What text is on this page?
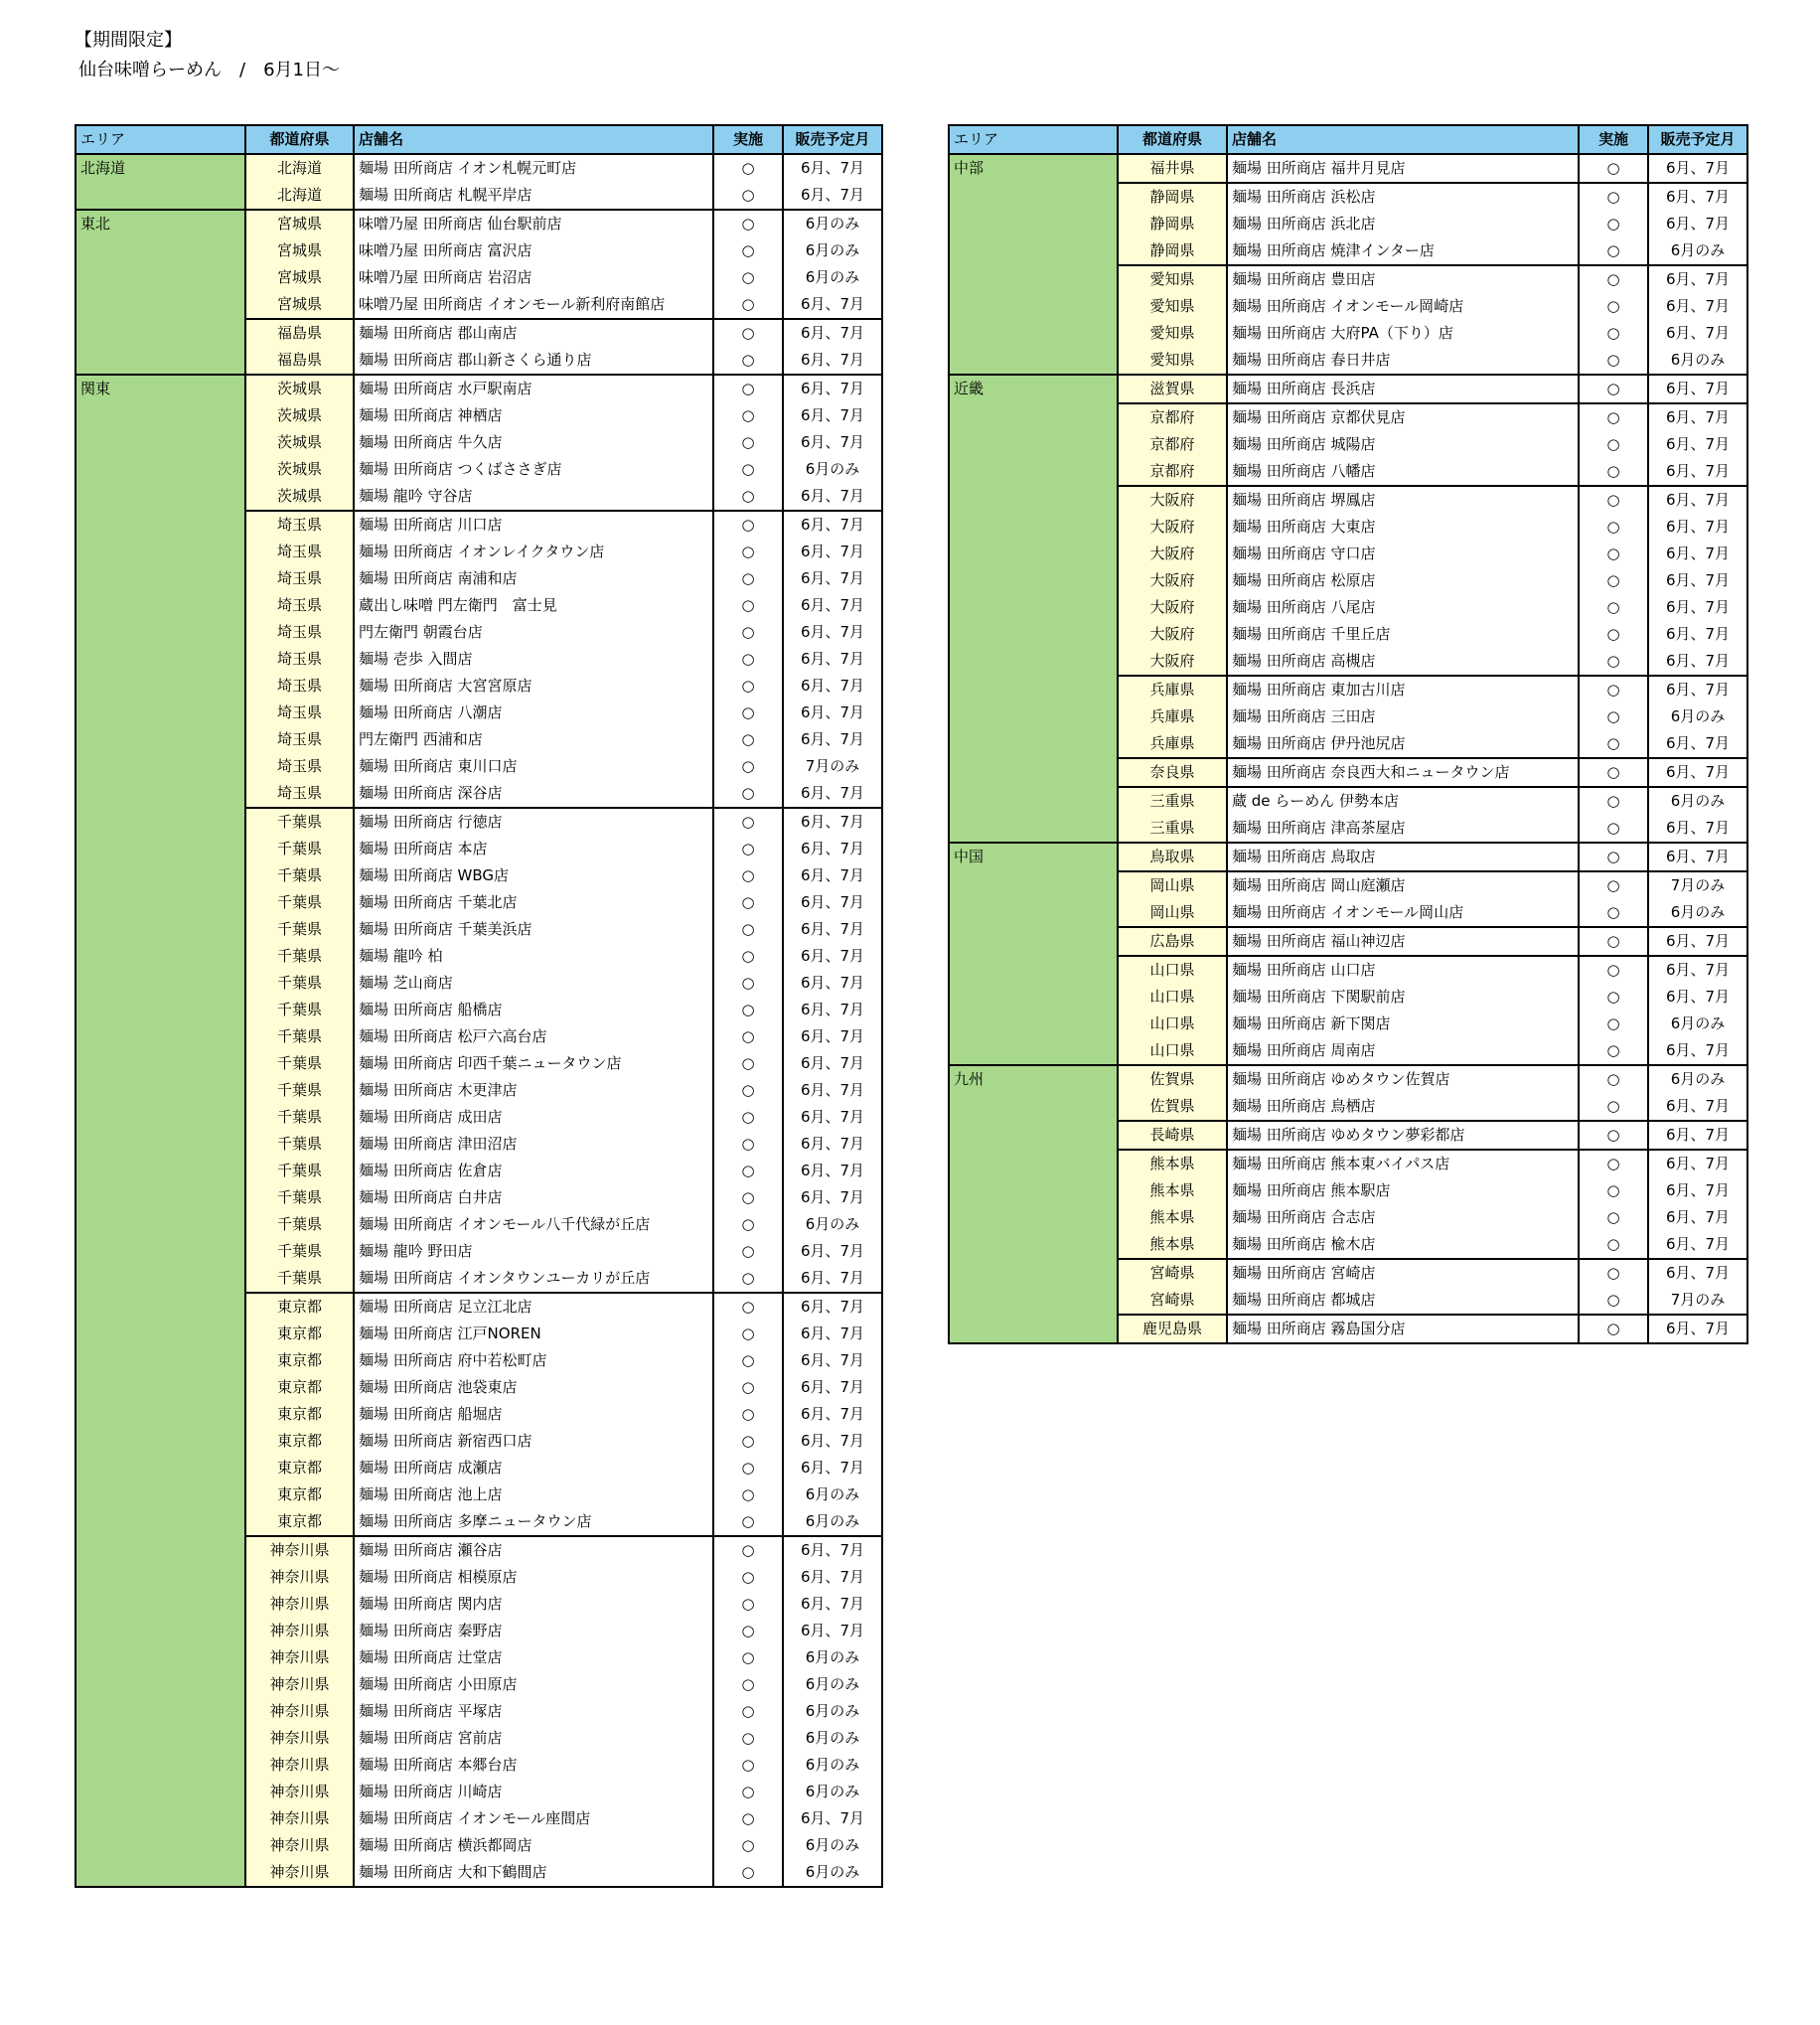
【期間限定】
仙台味噌らーめん　/　6月1日～
エリア	都道府県	店舗名	実施	販売予定月
北海道	北海道	麺場 田所商店 イオン札幌元町店	○	6月、7月
	北海道	麺場 田所商店 札幌平岸店	○	6月、7月
東北	宮城県	味噌乃屋 田所商店 仙台駅前店	○	6月のみ
	宮城県	味噌乃屋 田所商店 富沢店	○	6月のみ
	宮城県	味噌乃屋 田所商店 岩沼店	○	6月のみ
	宮城県	味噌乃屋 田所商店 イオンモール新利府南館店	○	6月、7月
	福島県	麺場 田所商店 郡山南店	○	6月、7月
	福島県	麺場 田所商店 郡山新さくら通り店	○	6月、7月
関東	茨城県	麺場 田所商店 水戸駅南店	○	6月、7月
	茨城県	麺場 田所商店 神栖店	○	6月、7月
	茨城県	麺場 田所商店 牛久店	○	6月、7月
	茨城県	麺場 田所商店 つくばささぎ店	○	6月のみ
	茨城県	麺場 龍吟 守谷店	○	6月、7月
	埼玉県	麺場 田所商店 川口店	○	6月、7月
	埼玉県	麺場 田所商店 イオンレイクタウン店	○	6月、7月
	埼玉県	麺場 田所商店 南浦和店	○	6月、7月
	埼玉県	蔵出し味噌 門左衛門　富士見	○	6月、7月
	埼玉県	門左衛門 朝霞台店	○	6月、7月
	埼玉県	麺場 壱歩 入間店	○	6月、7月
	埼玉県	麺場 田所商店 大宮宮原店	○	6月、7月
	埼玉県	麺場 田所商店 八潮店	○	6月、7月
	埼玉県	門左衛門 西浦和店	○	6月、7月
	埼玉県	麺場 田所商店 東川口店	○	7月のみ
	埼玉県	麺場 田所商店 深谷店	○	6月、7月
	千葉県	麺場 田所商店 行徳店	○	6月、7月
	千葉県	麺場 田所商店 本店	○	6月、7月
	千葉県	麺場 田所商店 WBG店	○	6月、7月
	千葉県	麺場 田所商店 千葉北店	○	6月、7月
	千葉県	麺場 田所商店 千葉美浜店	○	6月、7月
	千葉県	麺場 龍吟 柏	○	6月、7月
	千葉県	麺場 芝山商店	○	6月、7月
	千葉県	麺場 田所商店 船橋店	○	6月、7月
	千葉県	麺場 田所商店 松戸六高台店	○	6月、7月
	千葉県	麺場 田所商店 印西千葉ニュータウン店	○	6月、7月
	千葉県	麺場 田所商店 木更津店	○	6月、7月
	千葉県	麺場 田所商店 成田店	○	6月、7月
	千葉県	麺場 田所商店 津田沼店	○	6月、7月
	千葉県	麺場 田所商店 佐倉店	○	6月、7月
	千葉県	麺場 田所商店 白井店	○	6月、7月
	千葉県	麺場 田所商店 イオンモール八千代緑が丘店	○	6月のみ
	千葉県	麺場 龍吟 野田店	○	6月、7月
	千葉県	麺場 田所商店 イオンタウンユーカリが丘店	○	6月、7月
	東京都	麺場 田所商店 足立江北店	○	6月、7月
	東京都	麺場 田所商店 江戸NOREN	○	6月、7月
	東京都	麺場 田所商店 府中若松町店	○	6月、7月
	東京都	麺場 田所商店 池袋東店	○	6月、7月
	東京都	麺場 田所商店 船堀店	○	6月、7月
	東京都	麺場 田所商店 新宿西口店	○	6月、7月
	東京都	麺場 田所商店 成瀬店	○	6月、7月
	東京都	麺場 田所商店 池上店	○	6月のみ
	東京都	麺場 田所商店 多摩ニュータウン店	○	6月のみ
	神奈川県	麺場 田所商店 瀬谷店	○	6月、7月
	神奈川県	麺場 田所商店 相模原店	○	6月、7月
	神奈川県	麺場 田所商店 関内店	○	6月、7月
	神奈川県	麺場 田所商店 秦野店	○	6月、7月
	神奈川県	麺場 田所商店 辻堂店	○	6月のみ
	神奈川県	麺場 田所商店 小田原店	○	6月のみ
	神奈川県	麺場 田所商店 平塚店	○	6月のみ
	神奈川県	麺場 田所商店 宮前店	○	6月のみ
	神奈川県	麺場 田所商店 本郷台店	○	6月のみ
	神奈川県	麺場 田所商店 川崎店	○	6月のみ
	神奈川県	麺場 田所商店 イオンモール座間店	○	6月、7月
	神奈川県	麺場 田所商店 横浜都岡店	○	6月のみ
	神奈川県	麺場 田所商店 大和下鶴間店	○	6月のみ
エリア	都道府県	店舗名	実施	販売予定月
中部	福井県	麺場 田所商店 福井月見店	○	6月、7月
	静岡県	麺場 田所商店 浜松店	○	6月、7月
	静岡県	麺場 田所商店 浜北店	○	6月、7月
	静岡県	麺場 田所商店 焼津インター店	○	6月のみ
	愛知県	麺場 田所商店 豊田店	○	6月、7月
	愛知県	麺場 田所商店 イオンモール岡崎店	○	6月、7月
	愛知県	麺場 田所商店 大府PA（下り）店	○	6月、7月
	愛知県	麺場 田所商店 春日井店	○	6月のみ
近畿	滋賀県	麺場 田所商店 長浜店	○	6月、7月
	京都府	麺場 田所商店 京都伏見店	○	6月、7月
	京都府	麺場 田所商店 城陽店	○	6月、7月
	京都府	麺場 田所商店 八幡店	○	6月、7月
	大阪府	麺場 田所商店 堺鳳店	○	6月、7月
	大阪府	麺場 田所商店 大東店	○	6月、7月
	大阪府	麺場 田所商店 守口店	○	6月、7月
	大阪府	麺場 田所商店 松原店	○	6月、7月
	大阪府	麺場 田所商店 八尾店	○	6月、7月
	大阪府	麺場 田所商店 千里丘店	○	6月、7月
	大阪府	麺場 田所商店 高槻店	○	6月、7月
	兵庫県	麺場 田所商店 東加古川店	○	6月、7月
	兵庫県	麺場 田所商店 三田店	○	6月のみ
	兵庫県	麺場 田所商店 伊丹池尻店	○	6月、7月
	奈良県	麺場 田所商店 奈良西大和ニュータウン店	○	6月、7月
	三重県	蔵 de らーめん 伊勢本店	○	6月のみ
	三重県	麺場 田所商店 津高茶屋店	○	6月、7月
中国	鳥取県	麺場 田所商店 鳥取店	○	6月、7月
	岡山県	麺場 田所商店 岡山庭瀬店	○	7月のみ
	岡山県	麺場 田所商店 イオンモール岡山店	○	6月のみ
	広島県	麺場 田所商店 福山神辺店	○	6月、7月
	山口県	麺場 田所商店 山口店	○	6月、7月
	山口県	麺場 田所商店 下関駅前店	○	6月、7月
	山口県	麺場 田所商店 新下関店	○	6月のみ
	山口県	麺場 田所商店 周南店	○	6月、7月
九州	佐賀県	麺場 田所商店 ゆめタウン佐賀店	○	6月のみ
	佐賀県	麺場 田所商店 鳥栖店	○	6月、7月
	長崎県	麺場 田所商店 ゆめタウン夢彩都店	○	6月、7月
	熊本県	麺場 田所商店 熊本東バイパス店	○	6月、7月
	熊本県	麺場 田所商店 熊本駅店	○	6月、7月
	熊本県	麺場 田所商店 合志店	○	6月、7月
	熊本県	麺場 田所商店 楡木店	○	6月、7月
	宮崎県	麺場 田所商店 宮崎店	○	6月、7月
	宮崎県	麺場 田所商店 都城店	○	7月のみ
	鹿児島県	麺場 田所商店 霧島国分店	○	6月、7月
